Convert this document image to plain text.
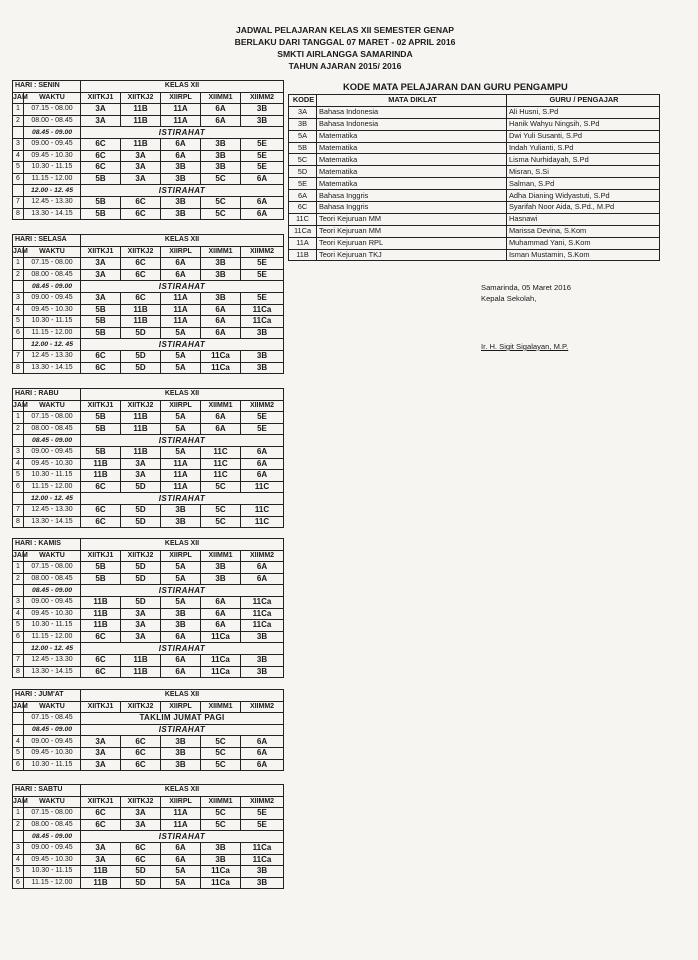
JADWAL PELAJARAN KELAS XII SEMESTER GENAP
BERLAKU DARI TANGGAL 07 MARET - 02 APRIL 2016
SMKTI AIRLANGGA SAMARINDA
TAHUN AJARAN 2015/ 2016
HARI : SENIN		KELAS XII				
JAM	WAKTU	XIITKJ1	XIITKJ2	XIIRPL	XIIMM1	XIIMM2
1	07.15 - 08.00	3A	11B	11A	6A	3B
2	08.00 - 08.45	3A	11B	11A	6A	3B
	08.45 - 09.00	ISTIRAHAT				
3	09.00 - 09.45	6C	11B	6A	3B	5E
4	09.45 - 10.30	6C	3A	6A	3B	5E
5	10.30 - 11.15	6C	3A	3B	3B	5E
6	11.15 - 12.00	5B	3A	3B	5C	6A
	12.00 - 12. 45	ISTIRAHAT				
7	12.45 - 13.30	5B	6C	3B	5C	6A
8	13.30 - 14.15	5B	6C	3B	5C	6A
HARI : SELASA		KELAS XII				
JAM	WAKTU	XIITKJ1	XIITKJ2	XIIRPL	XIIMM1	XIIMM2
1	07.15 - 08.00	3A	6C	6A	3B	5E
2	08.00 - 08.45	3A	6C	6A	3B	5E
	08.45 - 09.00	ISTIRAHAT				
3	09.00 - 09.45	3A	6C	11A	3B	5E
4	09.45 - 10.30	5B	11B	11A	6A	11Ca
5	10.30 - 11.15	5B	11B	11A	6A	11Ca
6	11.15 - 12.00	5B	5D	5A	6A	3B
	12.00 - 12. 45	ISTIRAHAT				
7	12.45 - 13.30	6C	5D	5A	11Ca	3B
8	13.30 - 14.15	6C	5D	5A	11Ca	3B
HARI : RABU		KELAS XII				
JAM	WAKTU	XIITKJ1	XIITKJ2	XIIRPL	XIIMM1	XIIMM2
1	07.15 - 08.00	5B	11B	5A	6A	5E
2	08.00 - 08.45	5B	11B	5A	6A	5E
	08.45 - 09.00	ISTIRAHAT				
3	09.00 - 09.45	5B	11B	5A	11C	6A
4	09.45 - 10.30	11B	3A	11A	11C	6A
5	10.30 - 11.15	11B	3A	11A	11C	6A
6	11.15 - 12.00	6C	5D	11A	5C	11C
	12.00 - 12. 45	ISTIRAHAT				
7	12.45 - 13.30	6C	5D	3B	5C	11C
8	13.30 - 14.15	6C	5D	3B	5C	11C
HARI : KAMIS		KELAS XII				
JAM	WAKTU	XIITKJ1	XIITKJ2	XIIRPL	XIIMM1	XIIMM2
1	07.15 - 08.00	5B	5D	5A	3B	6A
2	08.00 - 08.45	5B	5D	5A	3B	6A
	08.45 - 09.00	ISTIRAHAT				
3	09.00 - 09.45	11B	5D	5A	6A	11Ca
4	09.45 - 10.30	11B	3A	3B	6A	11Ca
5	10.30 - 11.15	11B	3A	3B	6A	11Ca
6	11.15 - 12.00	6C	3A	6A	11Ca	3B
	12.00 - 12. 45	ISTIRAHAT				
7	12.45 - 13.30	6C	11B	6A	11Ca	3B
8	13.30 - 14.15	6C	11B	6A	11Ca	3B
HARI : JUM'AT		KELAS XII				
JAM	WAKTU	XIITKJ1	XIITKJ2	XIIRPL	XIIMM1	XIIMM2
	07.15 - 08.45	TAKLIM JUMAT PAGI				
	08.45 - 09.00	ISTIRAHAT				
4	09.00 - 09.45	3A	6C	3B	5C	6A
5	09.45 - 10.30	3A	6C	3B	5C	6A
6	10.30 - 11.15	3A	6C	3B	5C	6A
HARI : SABTU		KELAS XII				
JAM	WAKTU	XIITKJ1	XIITKJ2	XIIRPL	XIIMM1	XIIMM2
1	07.15 - 08.00	6C	3A	11A	5C	5E
2	08.00 - 08.45	6C	3A	11A	5C	5E
	08.45 - 09.00	ISTIRAHAT				
3	09.00 - 09.45	3A	6C	6A	3B	11Ca
4	09.45 - 10.30	3A	6C	6A	3B	11Ca
5	10.30 - 11.15	11B	5D	5A	11Ca	3B
6	11.15 - 12.00	11B	5D	5A	11Ca	3B
KODE MATA PELAJARAN DAN GURU PENGAMPU
KODE	MATA DIKLAT	GURU / PENGAJAR
3A	Bahasa Indonesia	Ali Husni, S.Pd
3B	Bahasa Indonesia	Hanik Wahyu Ningsih, S.Pd
5A	Matematika	Dwi Yuli Susanti, S.Pd
5B	Matematika	Indah Yulianti, S.Pd
5C	Matematika	Lisma Nurhidayah, S.Pd
5D	Matematika	Misran, S.Si
5E	Matematika	Salman, S.Pd
6A	Bahasa Inggris	Adha Dianing Widyastuti, S.Pd
6C	Bahasa Inggris	Syarifah Noor Aida, S.Pd., M.Pd
11C	Teori Kejuruan MM	Hasnawi
11Ca	Teori Kejuruan MM	Marissa Devina, S.Kom
11A	Teori Kejuruan RPL	Muhammad Yani, S.Kom
11B	Teori Kejuruan TKJ	Isman Mustamin, S.Kom
Samarinda, 05 Maret 2016
Kepala Sekolah,
Ir. H. Sigit Sigalayan, M.P.
